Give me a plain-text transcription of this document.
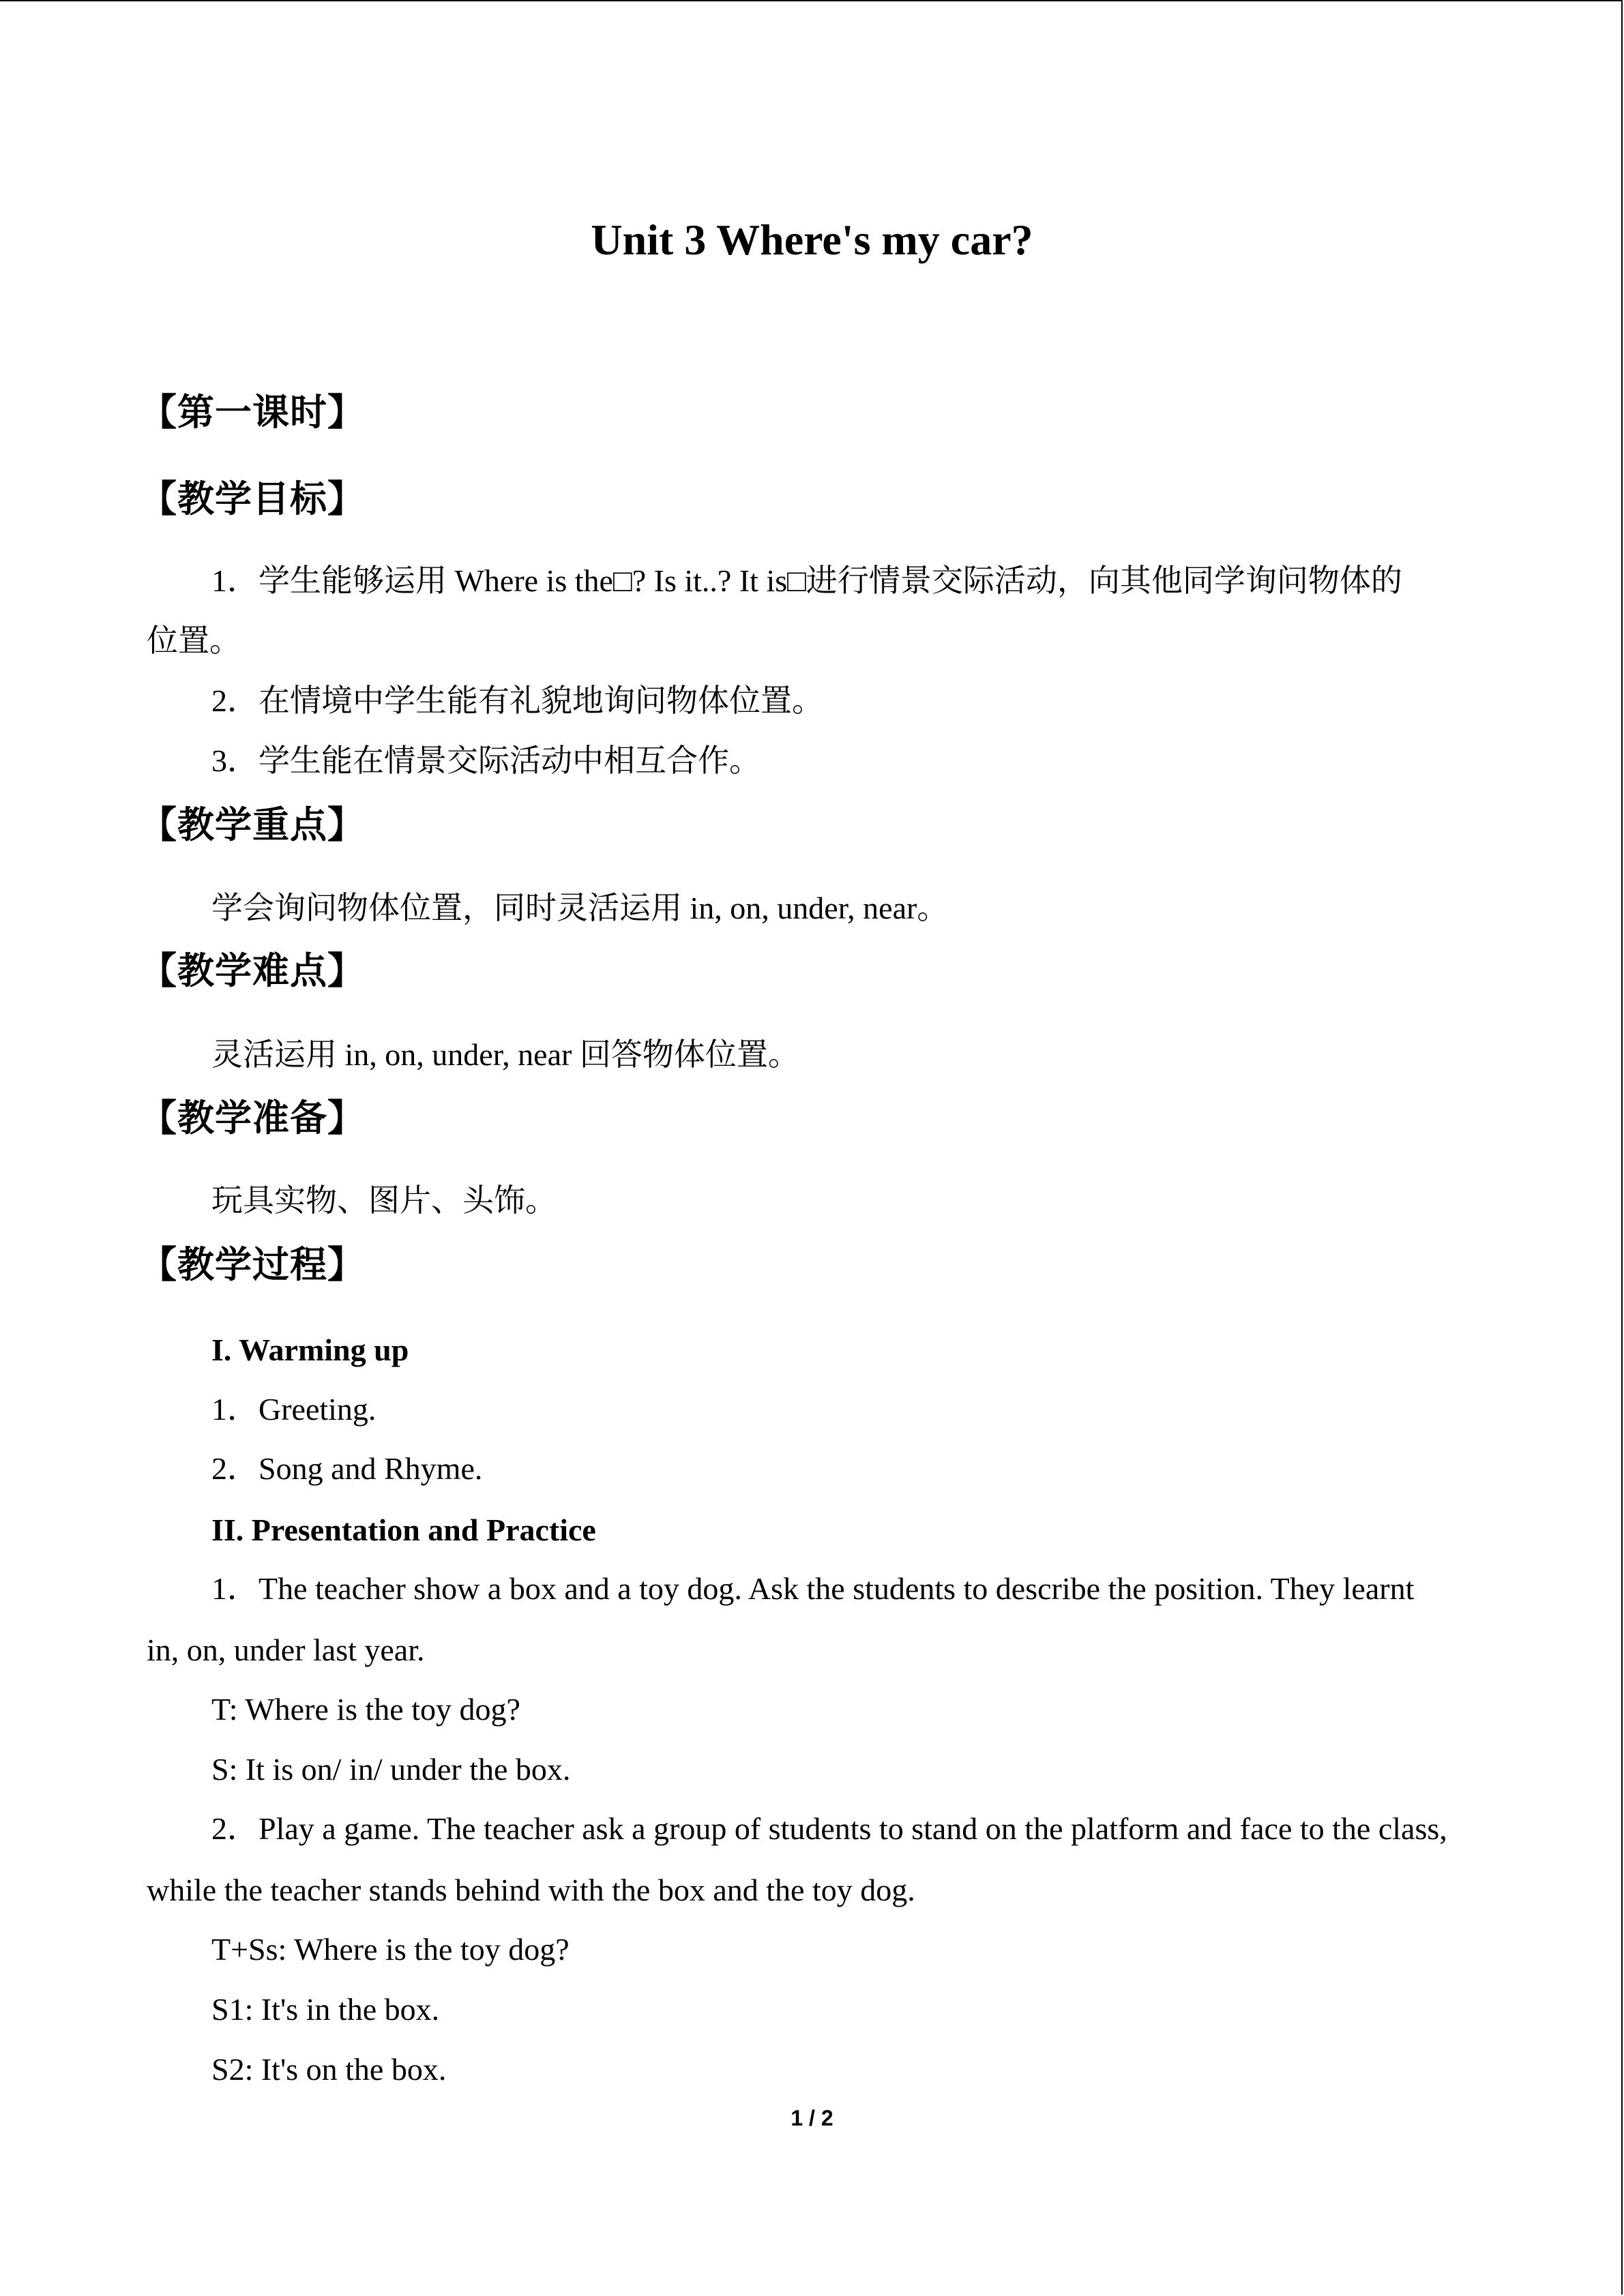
Unit 3 Where's my car?
【第一课时】
【教学目标】
1．学生能够运用 Where is the□? Is it..? It is□进行情景交际活动，向其他同学询问物体的
位置。
2．在情境中学生能有礼貌地询问物体位置。
3．学生能在情景交际活动中相互合作。
【教学重点】
学会询问物体位置，同时灵活运用 in, on, under, near。
【教学难点】
灵活运用 in, on, under, near 回答物体位置。
【教学准备】
玩具实物、图片、头饰。
【教学过程】
I. Warming up
1．Greeting.
2．Song and Rhyme.
II. Presentation and Practice
1．The teacher show a box and a toy dog. Ask the students to describe the position. They learnt
in, on, under last year.
T: Where is the toy dog?
S: It is on/ in/ under the box.
2．Play a game. The teacher ask a group of students to stand on the platform and face to the class,
while the teacher stands behind with the box and the toy dog.
T+Ss: Where is the toy dog?
S1: It's in the box.
S2: It's on the box.
1 / 2
